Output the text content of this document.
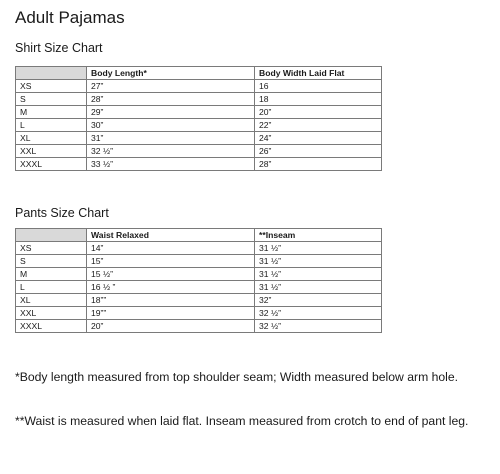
Adult Pajamas
Shirt Size Chart
	Body Length*	Body Width Laid Flat
XS	27”	16
S	28”	18
M	29”	20”
L	30”	22”
XL	31”	24”
XXL	32 ½”	26”
XXXL	33 ½”	28”
Pants Size Chart
	Waist Relaxed	**Inseam
XS	14”	31 ½”
S	15”	31 ½”
M	15 ½”	31 ½”
L	16 ½ ”	31 ½”
XL	18””	32”
XXL	19””	32 ½”
XXXL	20”	32 ½”
*Body length measured from top shoulder seam; Width measured below arm hole.
**Waist is measured when laid flat. Inseam measured from crotch to end of pant leg.
